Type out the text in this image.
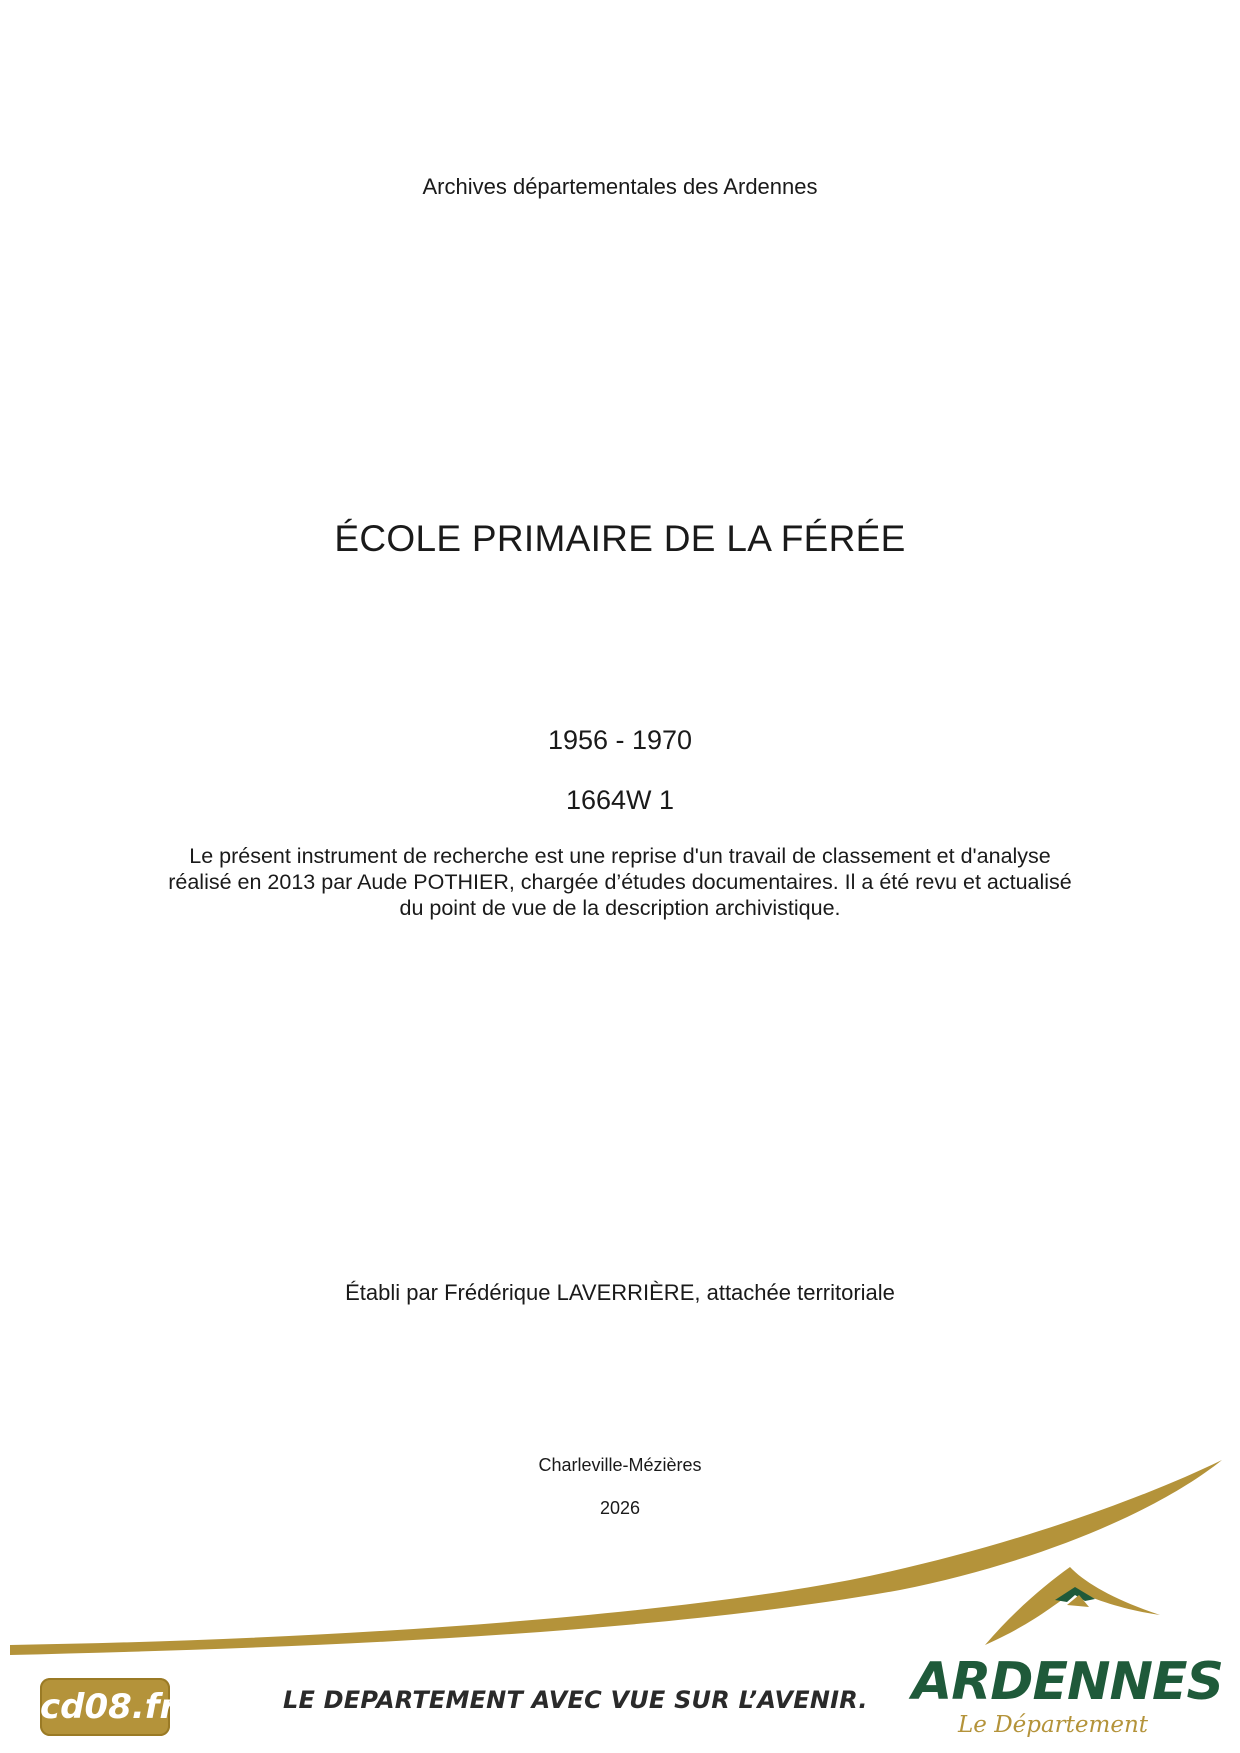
Archives départementales des Ardennes
ÉCOLE PRIMAIRE DE LA FÉRÉE
1956 - 1970
1664W 1
Le présent instrument de recherche est une reprise d'un travail de classement et d'analyse réalisé en 2013 par Aude POTHIER, chargée d’études documentaires. Il a été revu et actualisé du point de vue de la description archivistique.
Établi par Frédérique LAVERRIÈRE, attachée territoriale
Charleville-Mézières
2026
www
cd08.fr	LE DEPARTEMENT AVEC VUE SUR L’AVENIR. ARDENNES
Le Département
